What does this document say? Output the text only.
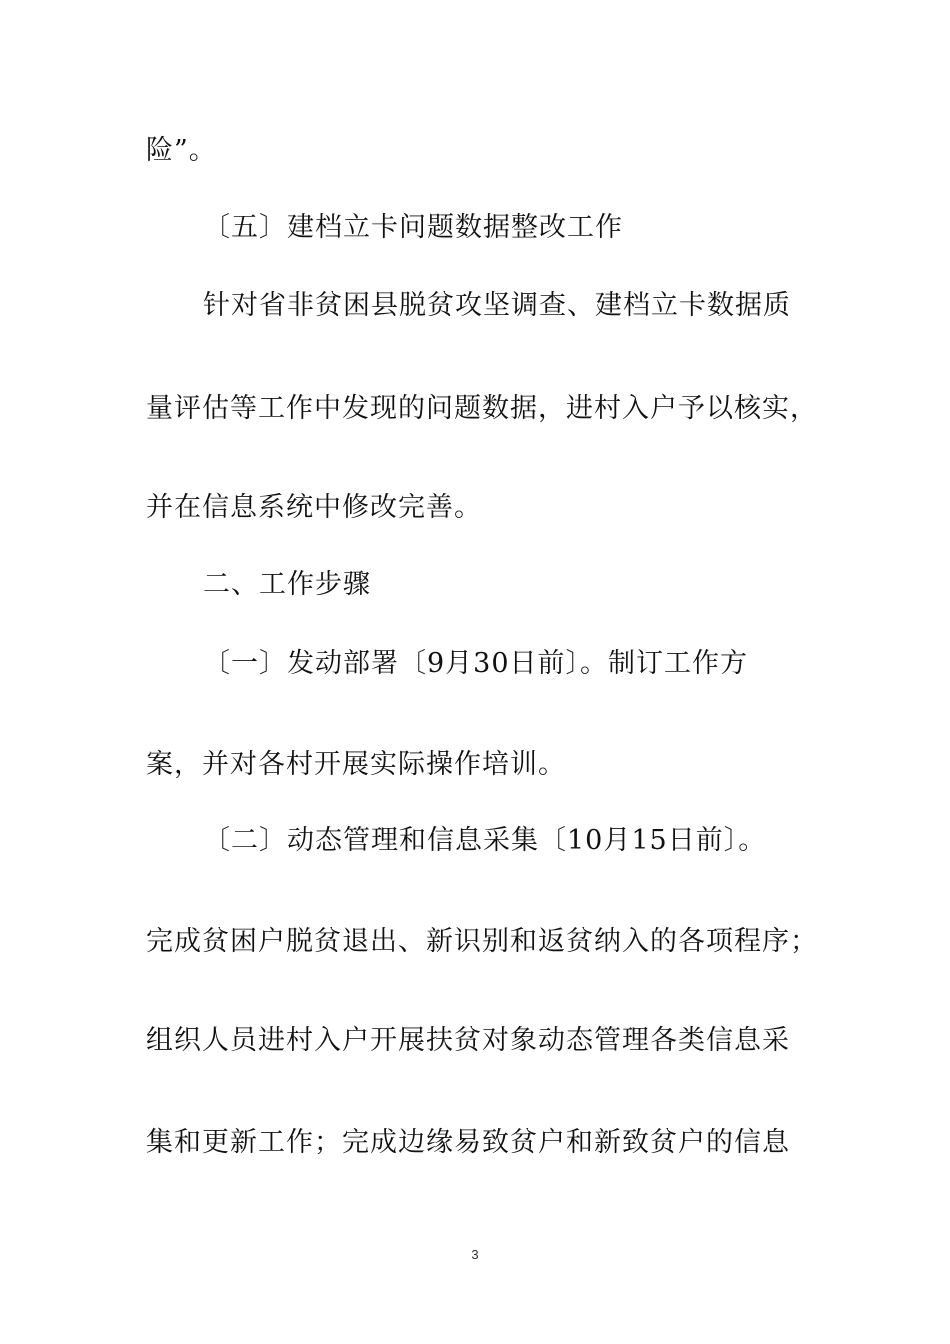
险”。
〔五〕建档立卡问题数据整改工作
针对省非贫困县脱贫攻坚调查、建档立卡数据质
量评估等工作中发现的问题数据，进村入户予以核实，
并在信息系统中修改完善。
二、工作步骤
〔一〕发动部署〔9月30日前〕。制订工作方
案，并对各村开展实际操作培训。
〔二〕动态管理和信息采集〔10月15日前〕。
完成贫困户脱贫退出、新识别和返贫纳入的各项程序；
组织人员进村入户开展扶贫对象动态管理各类信息采
集和更新工作；完成边缘易致贫户和新致贫户的信息
3
